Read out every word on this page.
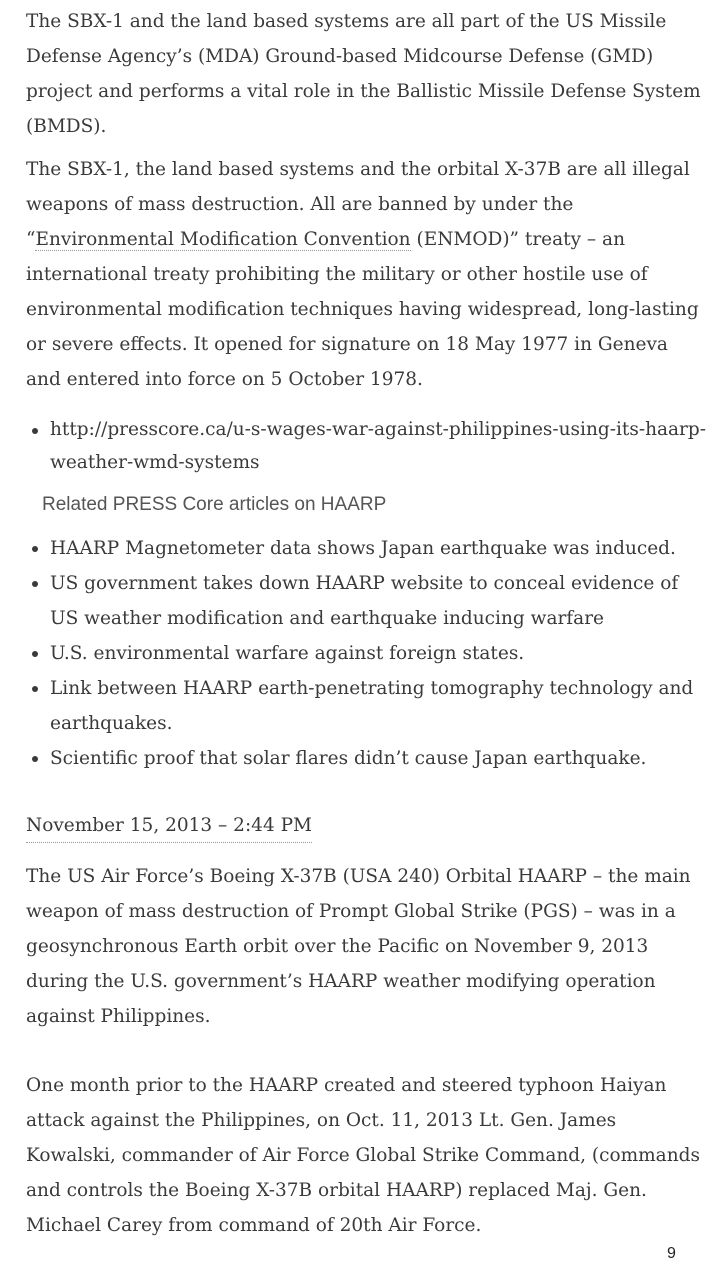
The SBX-1 and the land based systems are all part of the US Missile Defense Agency’s (MDA) Ground-based Midcourse Defense (GMD) project and performs a vital role in the Ballistic Missile Defense System (BMDS).

The SBX-1, the land based systems and the orbital X-37B are all illegal weapons of mass destruction. All are banned by under the “Environmental Modification Convention (ENMOD)” treaty – an international treaty prohibiting the military or other hostile use of environmental modification techniques having widespread, long-lasting or severe effects. It opened for signature on 18 May 1977 in Geneva and entered into force on 5 October 1978.

http://presscore.ca/u-s-wages-war-against-philippines-using-its-haarp-weather-wmd-systems

Related PRESS Core articles on HAARP

HAARP Magnetometer data shows Japan earthquake was induced.
US government takes down HAARP website to conceal evidence of US weather modification and earthquake inducing warfare
U.S. environmental warfare against foreign states.
Link between HAARP earth-penetrating tomography technology and earthquakes.
Scientific proof that solar flares didn’t cause Japan earthquake.
November 15, 2013 – 2:44 PM

The US Air Force’s Boeing X-37B (USA 240) Orbital HAARP – the main weapon of mass destruction of Prompt Global Strike (PGS) – was in a geosynchronous Earth orbit over the Pacific on November 9, 2013 during the U.S. government’s HAARP weather modifying operation against Philippines.

One month prior to the HAARP created and steered typhoon Haiyan attack against the Philippines, on Oct. 11, 2013 Lt. Gen. James Kowalski, commander of Air Force Global Strike Command, (commands and controls the Boeing X-37B orbital HAARP) replaced Maj. Gen. Michael Carey from command of 20th Air Force.

9
